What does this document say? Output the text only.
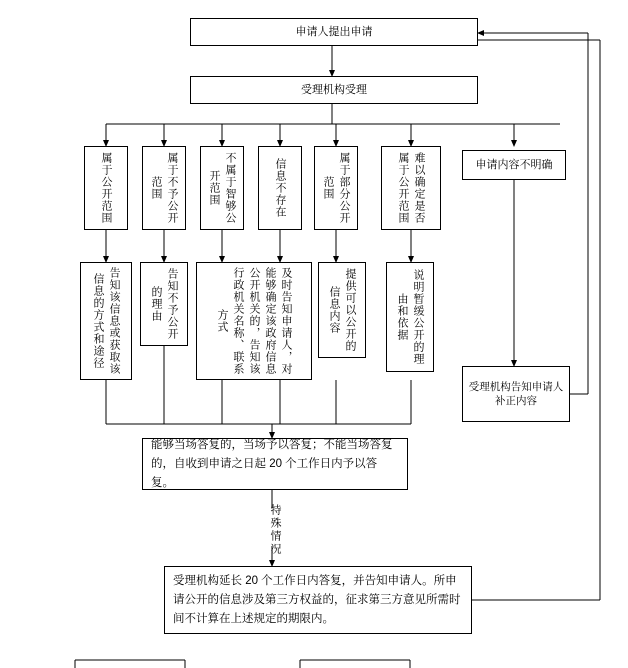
申请人提出申请
受理机构受理
属于公开范围	属于不予公开范围	不属于智够公开范围	信息不存在	属于部分公开范围	难以确定是否属于公开范围	申请内容不明确
告知该信息或获取该信息的方式和途径	告知不予公开的理由	及时告知申请人，对能够确定该政府信息公开机关的，告知该行政机关名称、联系方式	提供可以公开的信息内容	说明暂缓公开的理由和依据
受理机构告知申请人补正内容
能够当场答复的，当场予以答复；不能当场答复的，自收到申请之日起 20 个工作日内予以答复。
特殊情况
受理机构延长 20 个工作日内答复，并告知申请人。所申请公开的信息涉及第三方权益的，征求第三方意见所需时间不计算在上述规定的期限内。
